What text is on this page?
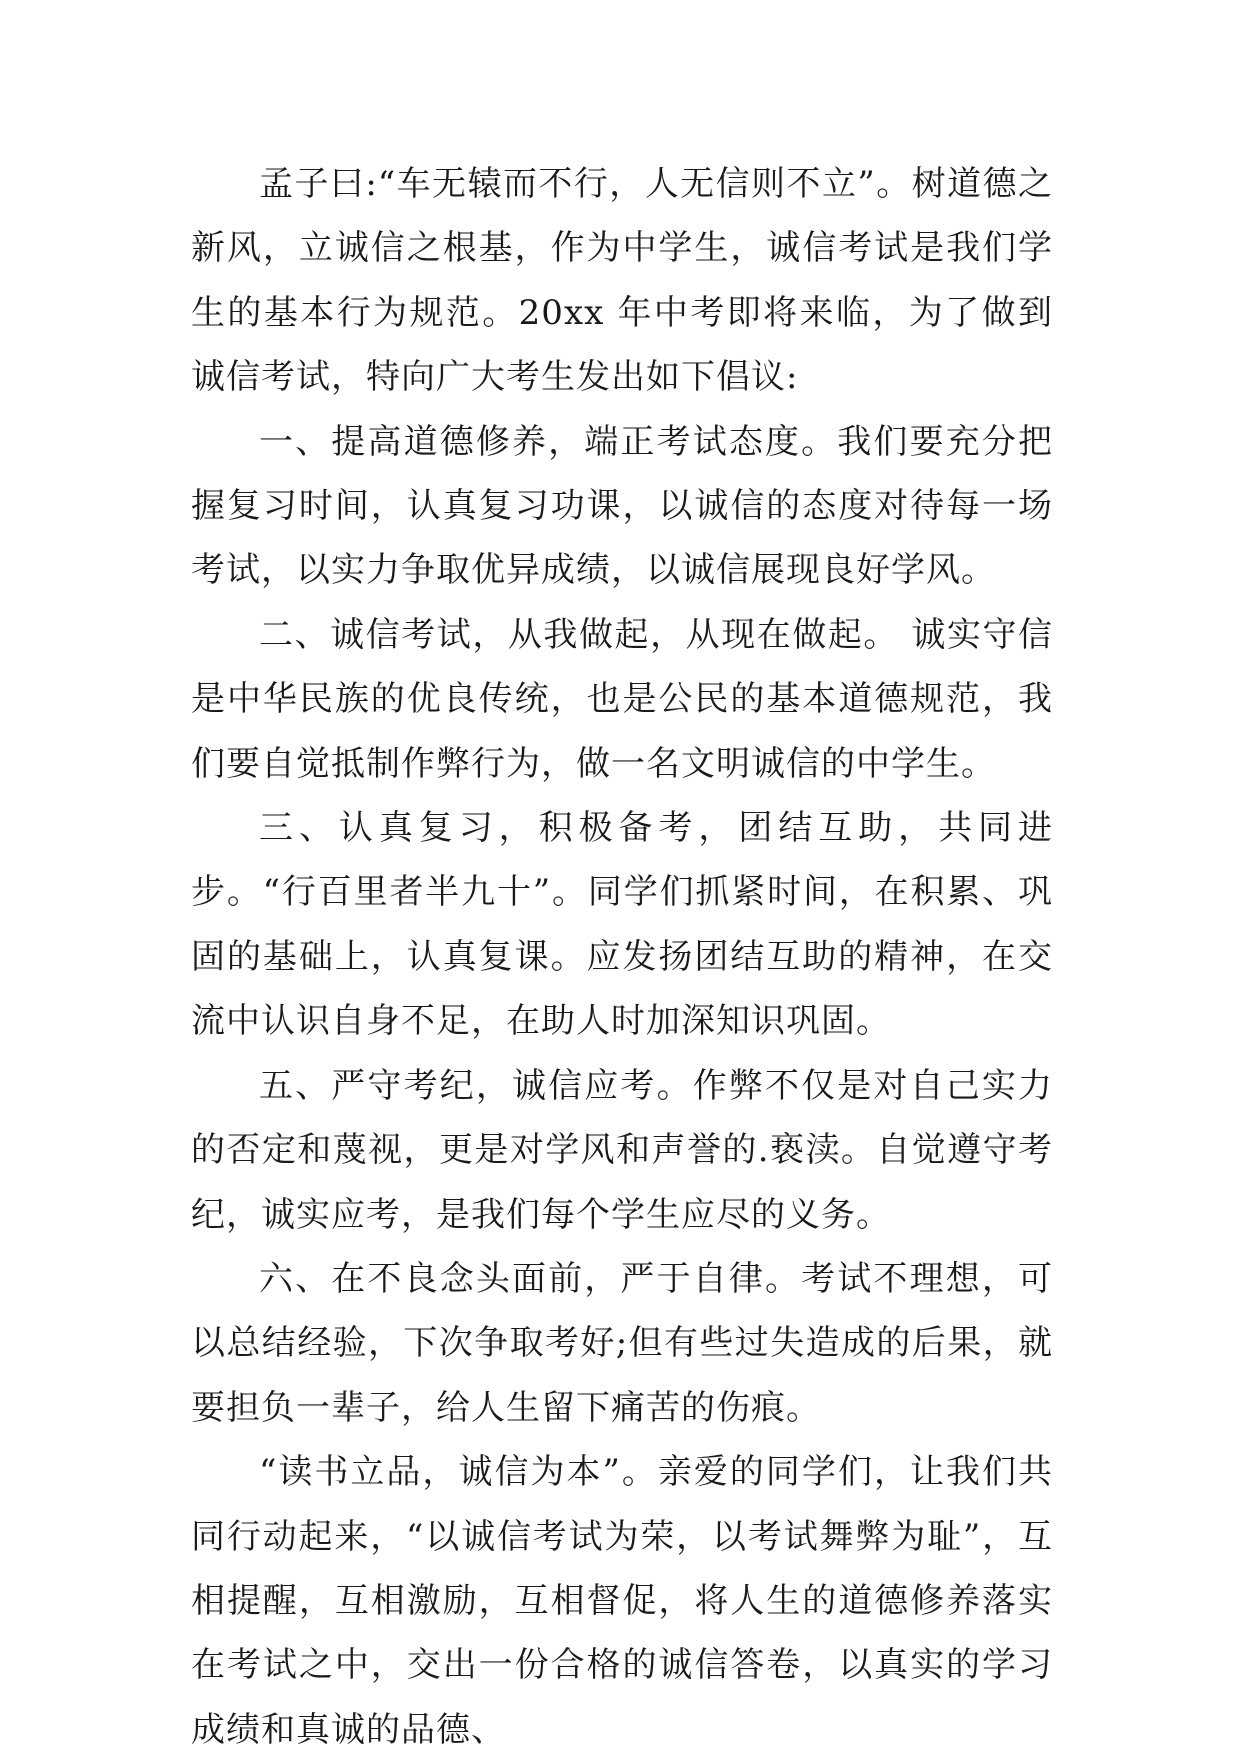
孟子曰:“车无辕而不行，人无信则不立”。树道德之新风，立诚信之根基，作为中学生，诚信考试是我们学生的基本行为规范。20xx 年中考即将来临，为了做到诚信考试，特向广大考生发出如下倡议:

一、提高道德修养，端正考试态度。我们要充分把握复习时间，认真复习功课，以诚信的态度对待每一场考试，以实力争取优异成绩，以诚信展现良好学风。

二、诚信考试，从我做起，从现在做起。 诚实守信是中华民族的优良传统，也是公民的基本道德规范，我们要自觉抵制作弊行为，做一名文明诚信的中学生。

三、认真复习，积极备考，团结互助，共同进步。“行百里者半九十”。同学们抓紧时间，在积累、巩固的基础上，认真复课。应发扬团结互助的精神，在交流中认识自身不足，在助人时加深知识巩固。

五、严守考纪，诚信应考。作弊不仅是对自己实力的否定和蔑视，更是对学风和声誉的.亵渎。自觉遵守考纪，诚实应考，是我们每个学生应尽的义务。

六、在不良念头面前，严于自律。考试不理想，可以总结经验，下次争取考好;但有些过失造成的后果，就要担负一辈子，给人生留下痛苦的伤痕。

“读书立品，诚信为本”。亲爱的同学们，让我们共同行动起来，“以诚信考试为荣，以考试舞弊为耻”，互相提醒，互相激励，互相督促，将人生的道德修养落实在考试之中，交出一份合格的诚信答卷，以真实的学习成绩和真诚的品德、
